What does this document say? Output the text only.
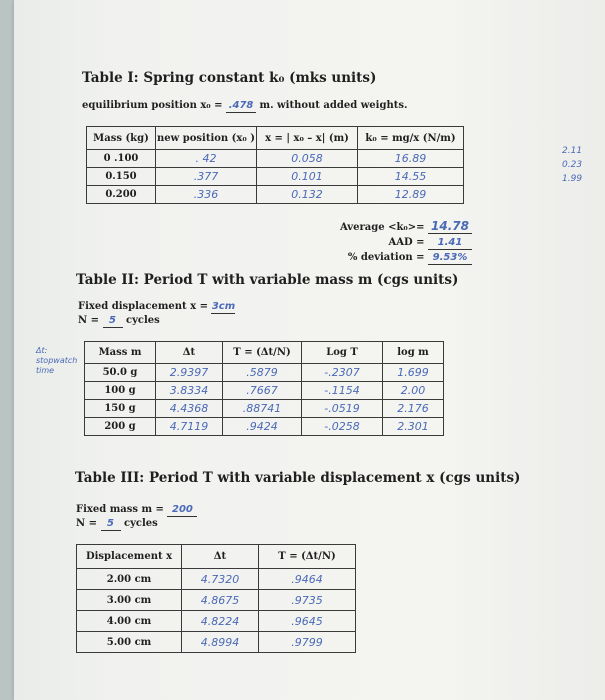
Table I: Spring constant k₀ (mks units)
equilibrium position x₀ = .478 m. without added weights.
Mass (kg)	new position (x₀ )	x = | x₀ – x| (m)	k₀ = mg/x (N/m)
0 .100	. 42	0.058	16.89
0.150	.377	0.101	14.55
0.200	.336	0.132	12.89
2.11
0.23
1.99
Average <k₀>= 14.78
AAD = 1.41
% deviation = 9.53%
Table II: Period T with variable mass m (cgs units)
Fixed displacement x = 3cm
N = 5 cycles
Δt: stopwatch time
Mass m	Δt	T = (Δt/N)	Log T	log m
50.0 g	2.9397	.5879	-.2307	1.699
100 g	3.8334	.7667	-.1154	2.00
150 g	4.4368	.88741	-.0519	2.176
200 g	4.7119	.9424	-.0258	2.301
Table III: Period T with variable displacement x (cgs units)
Fixed mass m = 200
N = 5 cycles
Displacement x	Δt	T = (Δt/N)
2.00 cm	4.7320	.9464
3.00 cm	4.8675	.9735
4.00 cm	4.8224	.9645
5.00 cm	4.8994	.9799
